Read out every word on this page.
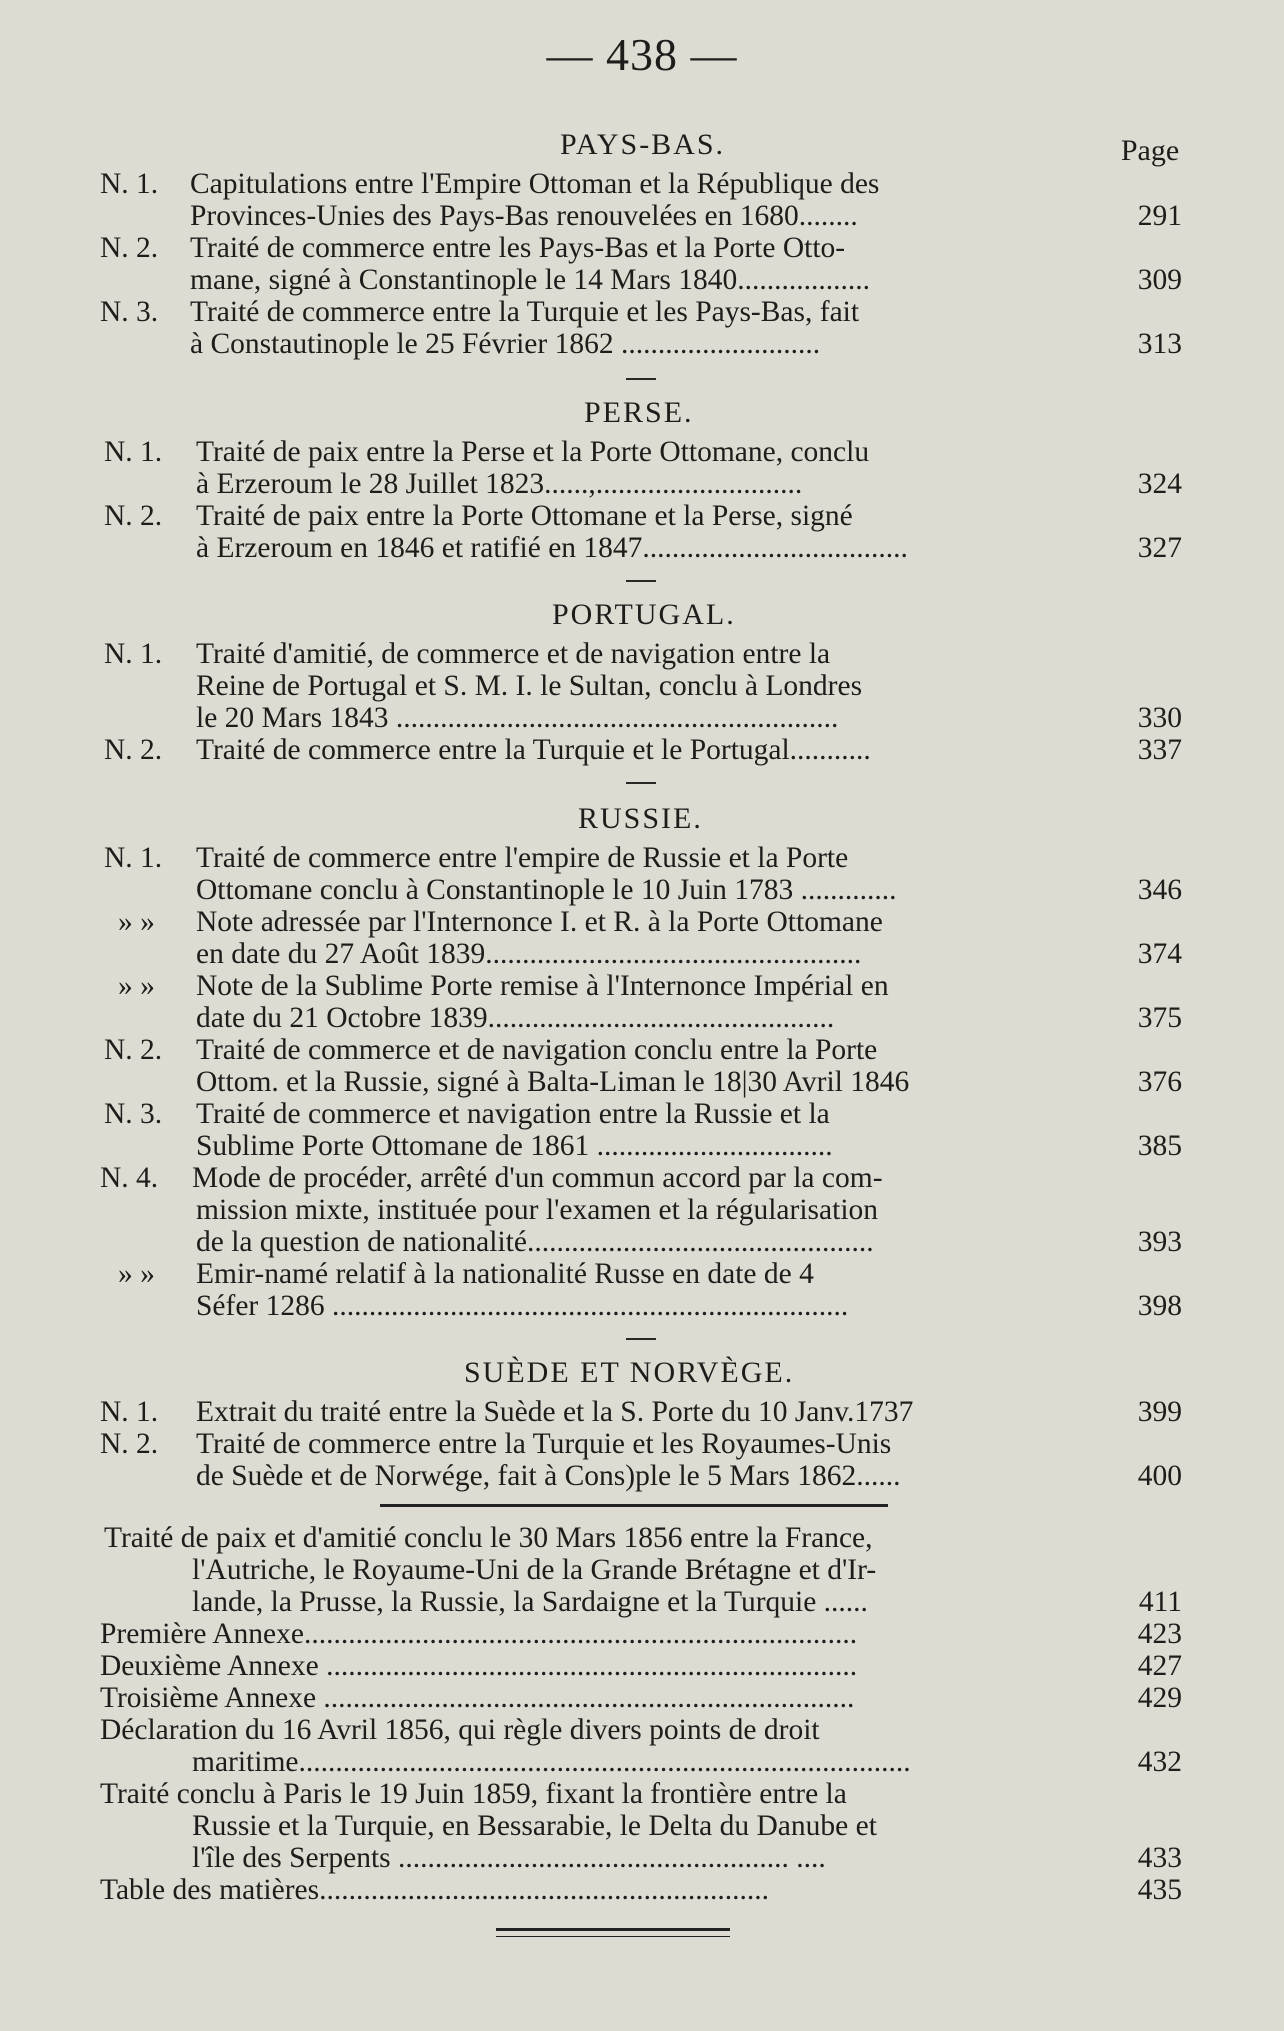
— 438 —
Page
PAYS-BAS.
N. 1. Capitulations entre l'Empire Ottoman et la République des
Provinces-Unies des Pays-Bas renouvelées en 1680........	291
N. 2. Traité de commerce entre les Pays-Bas et la Porte Otto-
mane, signé à Constantinople le 14 Mars 1840..................	309
N. 3. Traité de commerce entre la Turquie et les Pays-Bas, fait
à Constautinople le 25 Février 1862 ...........................	313
PERSE.
N. 1. Traité de paix entre la Perse et la Porte Ottomane, conclu
à Erzeroum le 28 Juillet 1823......,............................	324
N. 2. Traité de paix entre la Porte Ottomane et la Perse, signé
à Erzeroum en 1846 et ratifié en 1847....................................	327
PORTUGAL.
N. 1. Traité d'amitié, de commerce et de navigation entre la
Reine de Portugal et S. M. I. le Sultan, conclu à Londres
le 20 Mars 1843 ............................................................	330
N. 2. Traité de commerce entre la Turquie et le Portugal...........	337
RUSSIE.
N. 1. Traité de commerce entre l'empire de Russie et la Porte
Ottomane conclu à Constantinople le 10 Juin 1783 .............	346
» » Note adressée par l'Internonce I. et R. à la Porte Ottomane
en date du 27 Août 1839...................................................	374
» » Note de la Sublime Porte remise à l'Internonce Impérial en
date du 21 Octobre 1839...............................................	375
N. 2. Traité de commerce et de navigation conclu entre la Porte
Ottom. et la Russie, signé à Balta-Liman le 18|30 Avril 1846	376
N. 3. Traité de commerce et navigation entre la Russie et la
Sublime Porte Ottomane de 1861 ................................	385
N. 4. Mode de procéder, arrêté d'un commun accord par la com-
mission mixte, instituée pour l'examen et la régularisation
de la question de nationalité...............................................	393
» » Emir-namé relatif à la nationalité Russe en date de 4
Séfer 1286 ......................................................................	398
SUÈDE ET NORVÈGE.
N. 1. Extrait du traité entre la Suède et la S. Porte du 10 Janv.1737	399
N. 2. Traité de commerce entre la Turquie et les Royaumes-Unis
de Suède et de Norwége, fait à Cons)ple le 5 Mars 1862......	400
Traité de paix et d'amitié conclu le 30 Mars 1856 entre la France,
l'Autriche, le Royaume-Uni de la Grande Brétagne et d'Ir-
lande, la Prusse, la Russie, la Sardaigne et la Turquie ......	411
Première Annexe...........................................................................	423
Deuxième Annexe ........................................................................	427
Troisième Annexe ........................................................................	429
Déclaration du 16 Avril 1856, qui règle divers points de droit
maritime...................................................................................	432
Traité conclu à Paris le 19 Juin 1859, fixant la frontière entre la
Russie et la Turquie, en Bessarabie, le Delta du Danube et
l'île des Serpents ..................................................... ....	433
Table des matières.............................................................	435
